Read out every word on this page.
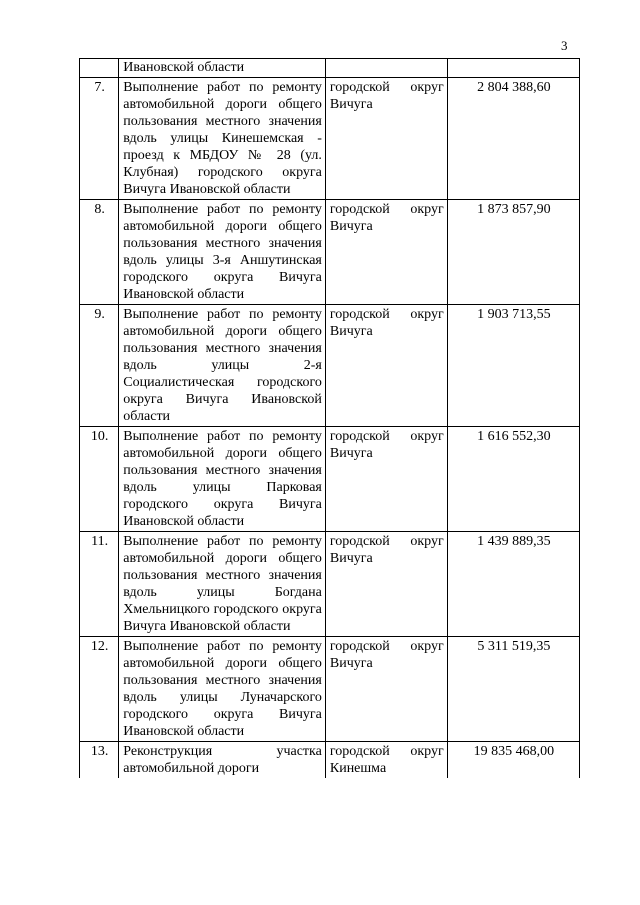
3

	Ивановской области		

7.	Выполнение работ по ремонту автомобильной дороги общего пользования местного значения вдоль улицы Кинешемская - проезд к МБДОУ № 28 (ул. Клубная) городского округа Вичуга Ивановской области	городской округ Вичуга	2 804 388,60
8.	Выполнение работ по ремонту автомобильной дороги общего пользования местного значения вдоль улицы 3-я Аншутинская городского округа Вичуга Ивановской области	городской округ Вичуга	1 873 857,90
9.	Выполнение работ по ремонту автомобильной дороги общего пользования местного значения вдоль улицы 2-я Социалистическая городского округа Вичуга Ивановской области	городской округ Вичуга	1 903 713,55
10.	Выполнение работ по ремонту автомобильной дороги общего пользования местного значения вдоль улицы Парковая городского округа Вичуга Ивановской области	городской округ Вичуга	1 616 552,30
11.	Выполнение работ по ремонту автомобильной дороги общего пользования местного значения вдоль улицы Богдана Хмельницкого городского округа Вичуга Ивановской области	городской округ Вичуга	1 439 889,35
12.	Выполнение работ по ремонту автомобильной дороги общего пользования местного значения вдоль улицы Луначарского городского округа Вичуга Ивановской области	городской округ Вичуга	5 311 519,35
13.	Реконструкция участка автомобильной дороги	городской округ Кинешма	19 835 468,00
